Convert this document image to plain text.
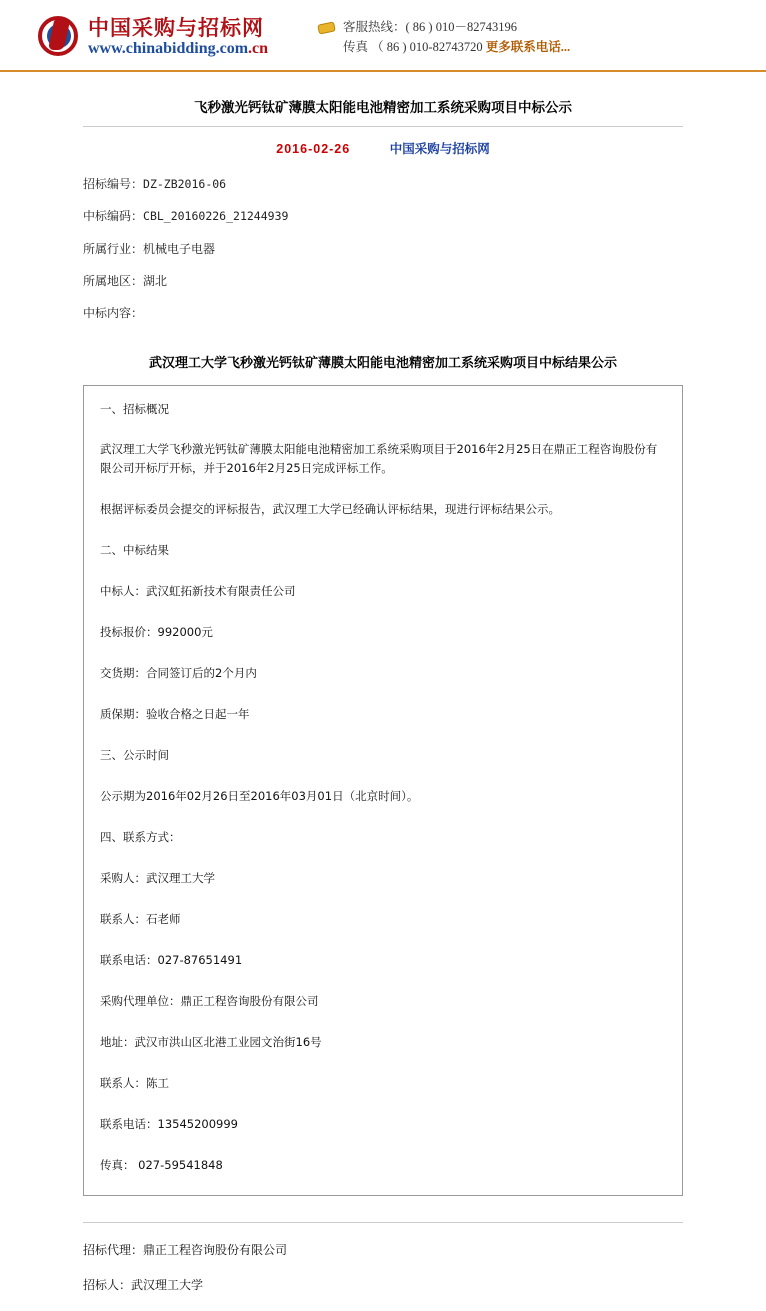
中国采购与招标网
www.chinabidding.com.cn
客服热线：( 86 ) 010－82743196
传真 （ 86 ) 010-82743720 更多联系电话...
飞秒激光钙钛矿薄膜太阳能电池精密加工系统采购项目中标公示
2016-02-26	中国采购与招标网
招标编号：DZ-ZB2016-06
中标编码：CBL_20160226_21244939
所属行业：机械电子电器
所属地区：湖北
中标内容：
武汉理工大学飞秒激光钙钛矿薄膜太阳能电池精密加工系统采购项目中标结果公示

一、招标概况

武汉理工大学飞秒激光钙钛矿薄膜太阳能电池精密加工系统采购项目于2016年2月25日在鼎正工程咨询股份有限公司开标厅开标，并于2016年2月25日完成评标工作。

根据评标委员会提交的评标报告，武汉理工大学已经确认评标结果，现进行评标结果公示。

二、中标结果

中标人：武汉虹拓新技术有限责任公司

投标报价：992000元

交货期：合同签订后的2个月内

质保期：验收合格之日起一年

三、公示时间

公示期为2016年02月26日至2016年03月01日（北京时间）。

四、联系方式：

采购人：武汉理工大学

联系人：石老师

联系电话：027-87651491

采购代理单位：鼎正工程咨询股份有限公司

地址：武汉市洪山区北港工业园文治街16号

联系人：陈工

联系电话：13545200999

传真： 027-59541848

招标代理：鼎正工程咨询股份有限公司

招标人：武汉理工大学
